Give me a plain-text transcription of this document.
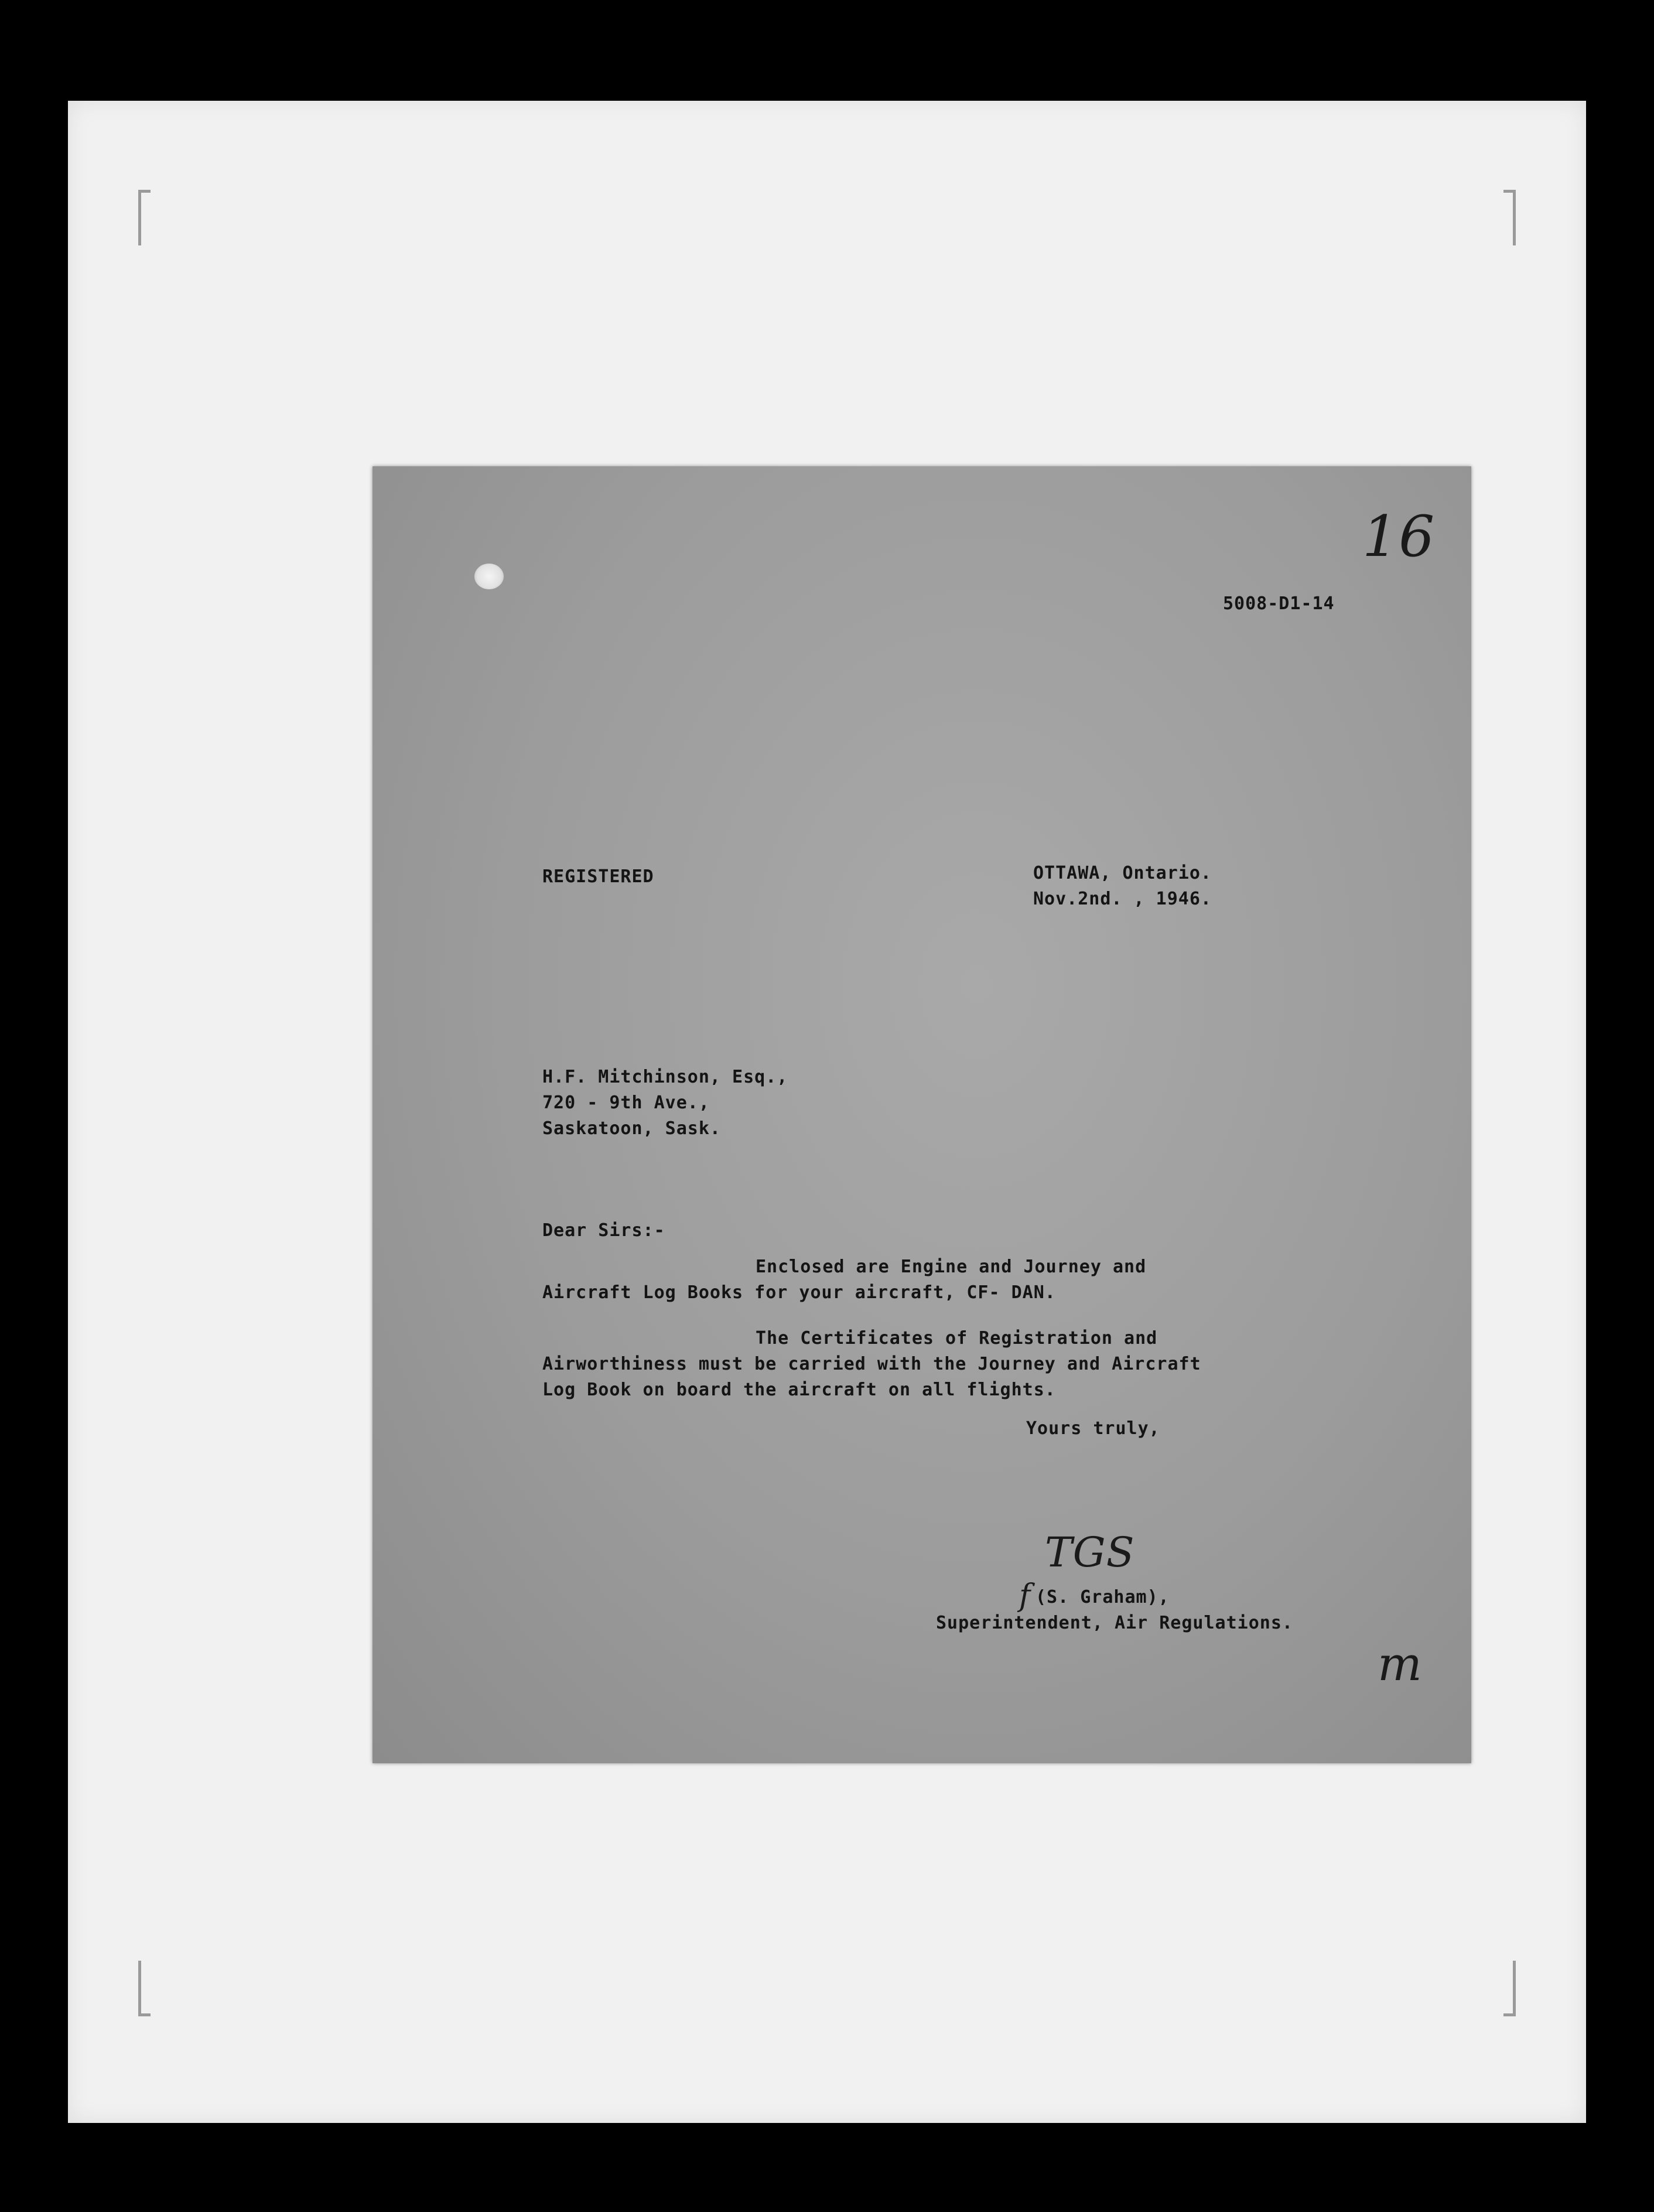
16
5008-D1-14
REGISTERED	OTTAWA, Ontario.
Nov.2nd. , 1946.
H.F. Mitchinson, Esq.,
720 - 9th Ave.,
Saskatoon, Sask.
Dear Sirs:-
Enclosed are Engine and Journey and
Aircraft Log Books for your aircraft, CF- DAN.
The Certificates of Registration and
Airworthiness must be carried with the Journey and Aircraft
Log Book on board the aircraft on all flights.
Yours truly,
TGS
f (S. Graham),
Superintendent, Air Regulations.
m
